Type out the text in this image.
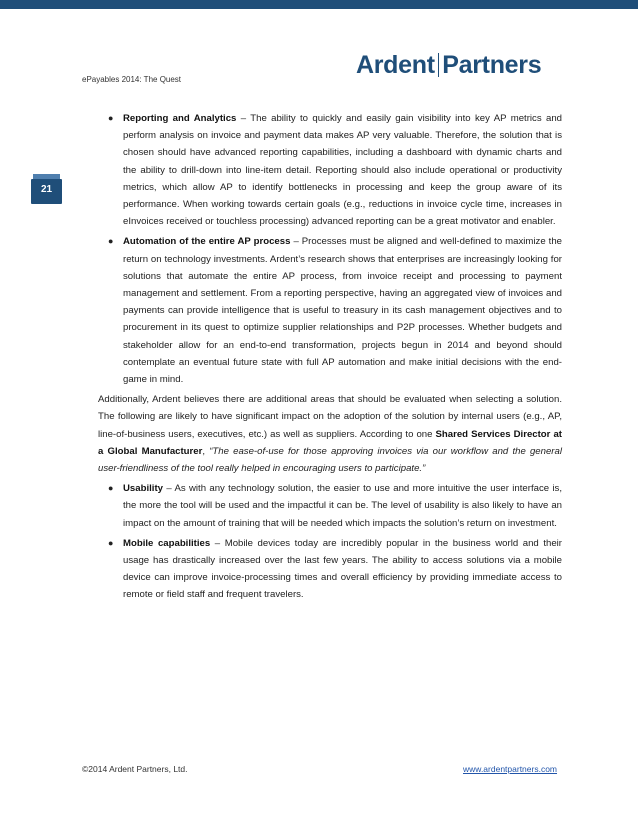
ePayables 2014: The Quest
Ardent Partners
21
● Reporting and Analytics – The ability to quickly and easily gain visibility into key AP metrics and perform analysis on invoice and payment data makes AP very valuable. Therefore, the solution that is chosen should have advanced reporting capabilities, including a dashboard with dynamic charts and the ability to drill-down into line-item detail. Reporting should also include operational or productivity metrics, which allow AP to identify bottlenecks in processing and keep the group aware of its performance. When working towards certain goals (e.g., reductions in invoice cycle time, increases in eInvoices received or touchless processing) advanced reporting can be a great motivator and enabler.
● Automation of the entire AP process – Processes must be aligned and well-defined to maximize the return on technology investments. Ardent’s research shows that enterprises are increasingly looking for solutions that automate the entire AP process, from invoice receipt and processing to payment management and settlement. From a reporting perspective, having an aggregated view of invoices and payments can provide intelligence that is useful to treasury in its cash management objectives and to procurement in its quest to optimize supplier relationships and P2P processes. Whether budgets and stakeholder allow for an end-to-end transformation, projects begun in 2014 and beyond should contemplate an eventual future state with full AP automation and make initial decisions with the end-game in mind.

Additionally, Ardent believes there are additional areas that should be evaluated when selecting a solution. The following are likely to have significant impact on the adoption of the solution by internal users (e.g., AP, line-of-business users, executives, etc.) as well as suppliers. According to one Shared Services Director at a Global Manufacturer, “The ease-of-use for those approving invoices via our workflow and the general user-friendliness of the tool really helped in encouraging users to participate.”

● Usability – As with any technology solution, the easier to use and more intuitive the user interface is, the more the tool will be used and the impactful it can be. The level of usability is also likely to have an impact on the amount of training that will be needed which impacts the solution’s return on investment.
● Mobile capabilities – Mobile devices today are incredibly popular in the business world and their usage has drastically increased over the last few years. The ability to access solutions via a mobile device can improve invoice-processing times and overall efficiency by providing immediate access to remote or field staff and frequent travelers.
©2014 Ardent Partners, Ltd.	www.ardentpartners.com
